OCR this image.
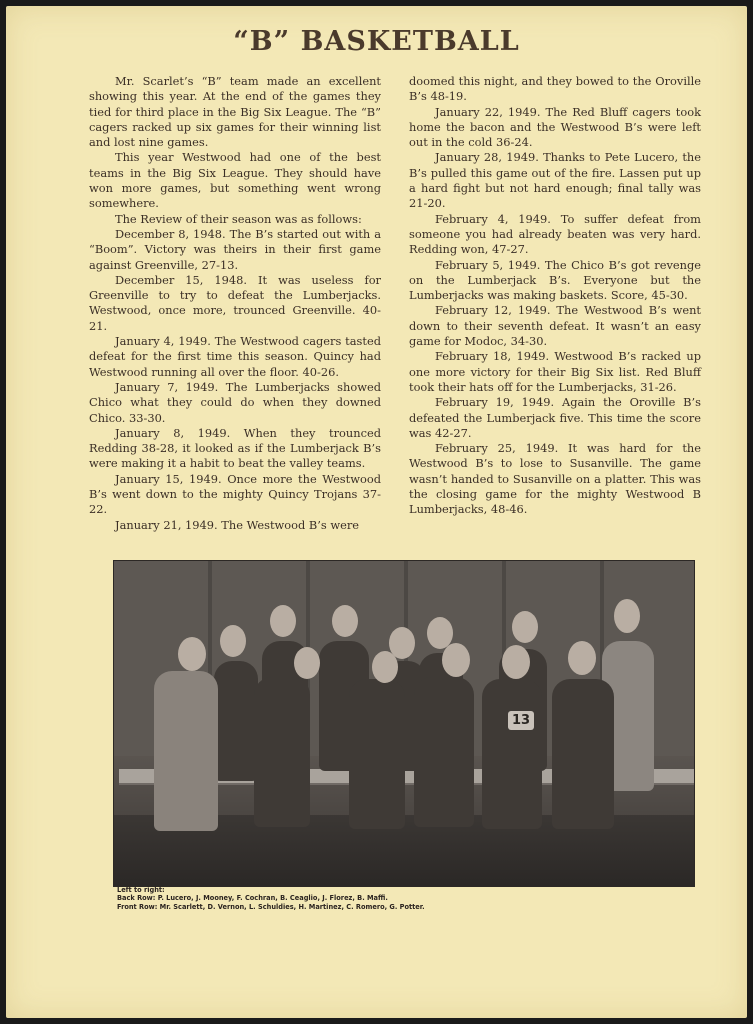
“B” BASKETBALL

Mr. Scarlet’s “B” team made an excellent showing this year. At the end of the games they tied for third place in the Big Six League. The “B” cagers racked up six games for their winning list and lost nine games.

This year Westwood had one of the best teams in the Big Six League. They should have won more games, but something went wrong somewhere.

The Review of their season was as follows:

December 8, 1948. The B’s started out with a “Boom”. Victory was theirs in their first game against Greenville, 27-13.

December 15, 1948. It was useless for Greenville to try to defeat the Lumberjacks. Westwood, once more, trounced Greenville. 40-21.

January 4, 1949. The Westwood cagers tasted defeat for the first time this season. Quincy had Westwood running all over the floor. 40-26.

January 7, 1949. The Lumberjacks showed Chico what they could do when they downed Chico. 33-30.

January 8, 1949. When they trounced Redding 38-28, it looked as if the Lumberjack B’s were making it a habit to beat the valley teams.

January 15, 1949. Once more the Westwood B’s went down to the mighty Quincy Trojans 37-22.

January 21, 1949. The Westwood B’s were

doomed this night, and they bowed to the Oroville B’s 48-19.

January 22, 1949. The Red Bluff cagers took home the bacon and the Westwood B’s were left out in the cold 36-24.

January 28, 1949. Thanks to Pete Lucero, the B’s pulled this game out of the fire. Lassen put up a hard fight but not hard enough; final tally was 21-20.

February 4, 1949. To suffer defeat from someone you had already beaten was very hard. Redding won, 47-27.

February 5, 1949. The Chico B’s got revenge on the Lumberjack B’s. Everyone but the Lumberjacks was making baskets. Score, 45-30.

February 12, 1949. The Westwood B’s went down to their seventh defeat. It wasn’t an easy game for Modoc, 34-30.

February 18, 1949. Westwood B’s racked up one more victory for their Big Six list. Red Bluff took their hats off for the Lumberjacks, 31-26.

February 19, 1949. Again the Oroville B’s defeated the Lumberjack five. This time the score was 42-27.

February 25, 1949. It was hard for the Westwood B’s to lose to Susanville. The game wasn’t handed to Susanville on a platter. This was the closing game for the mighty Westwood B Lumberjacks, 48-46.

13
Left to right:
Back Row: P. Lucero, J. Mooney, F. Cochran, B. Ceaglio, J. Florez, B. Maffi.
Front Row: Mr. Scarlett, D. Vernon, L. Schuldies, H. Martinez, C. Romero, G. Potter.
